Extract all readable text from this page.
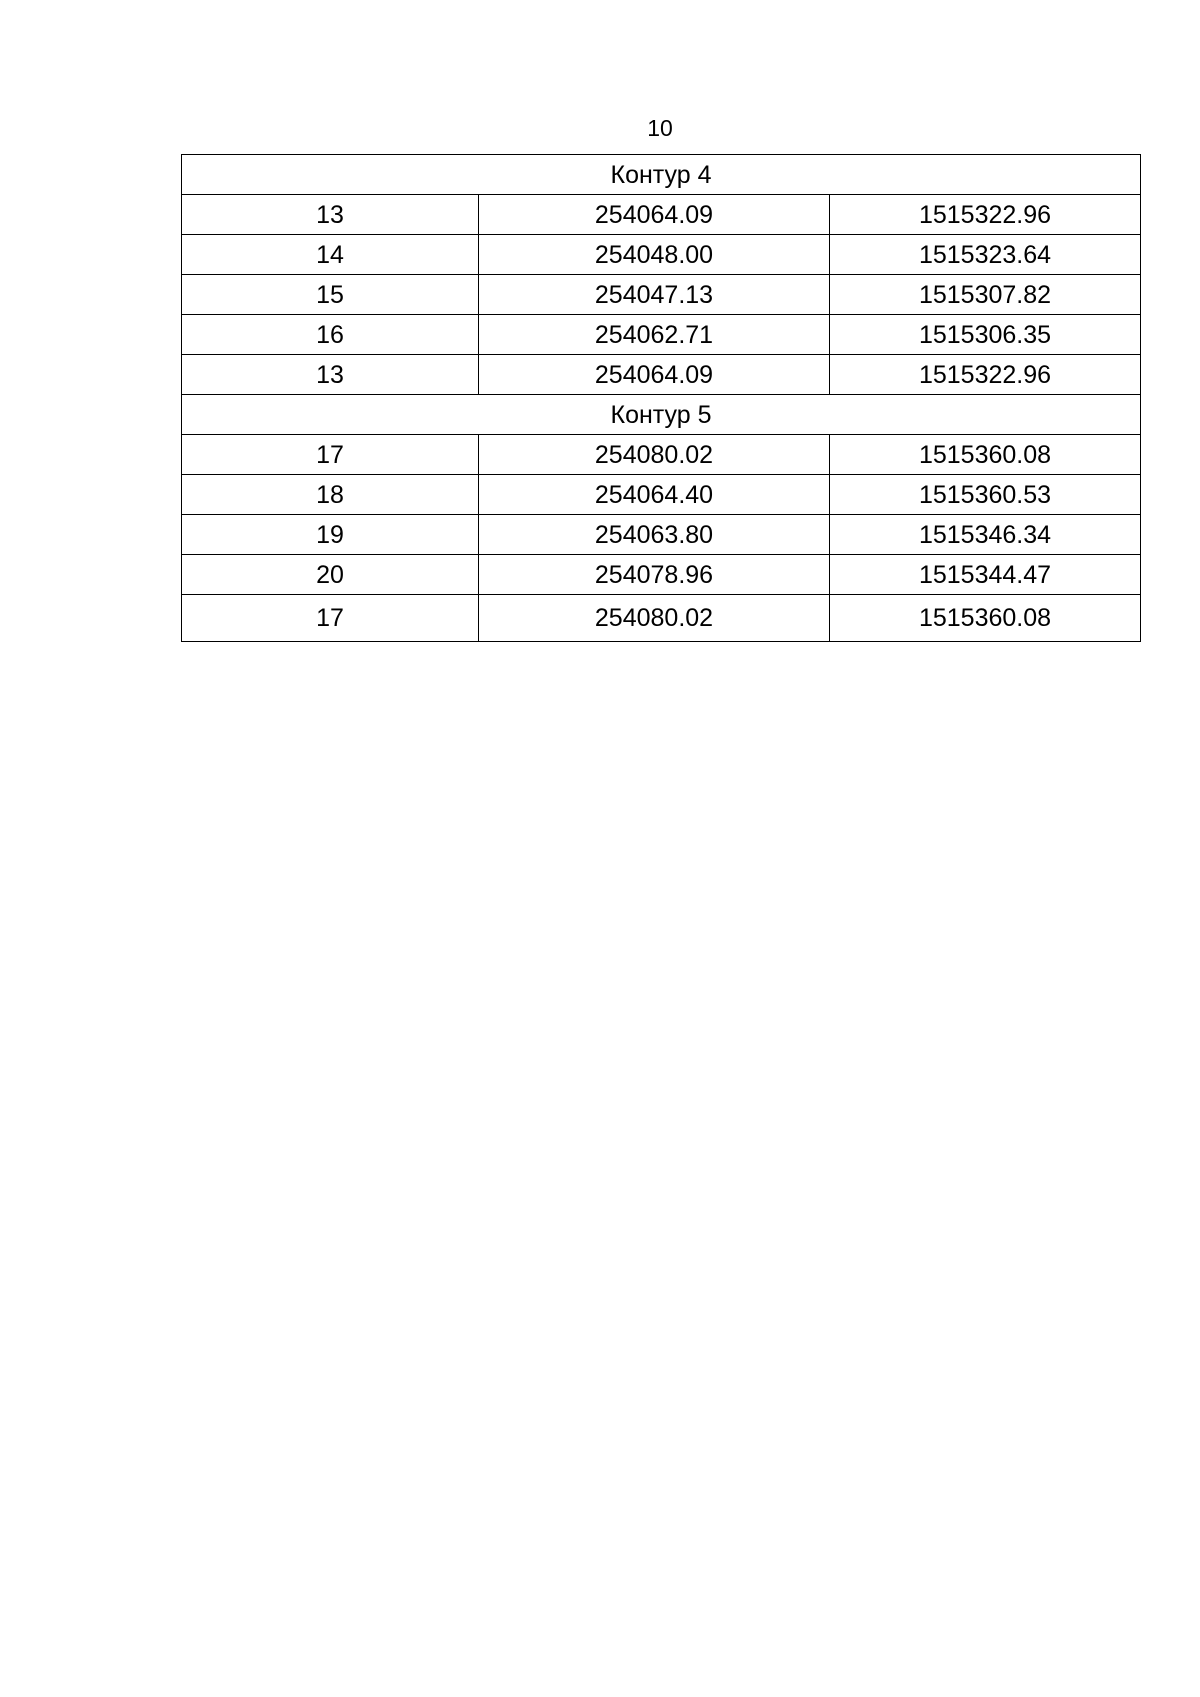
10
Контур 4		
13	254064.09	1515322.96
14	254048.00	1515323.64
15	254047.13	1515307.82
16	254062.71	1515306.35
13	254064.09	1515322.96
Контур 5		
17	254080.02	1515360.08
18	254064.40	1515360.53
19	254063.80	1515346.34
20	254078.96	1515344.47
17	254080.02	1515360.08
